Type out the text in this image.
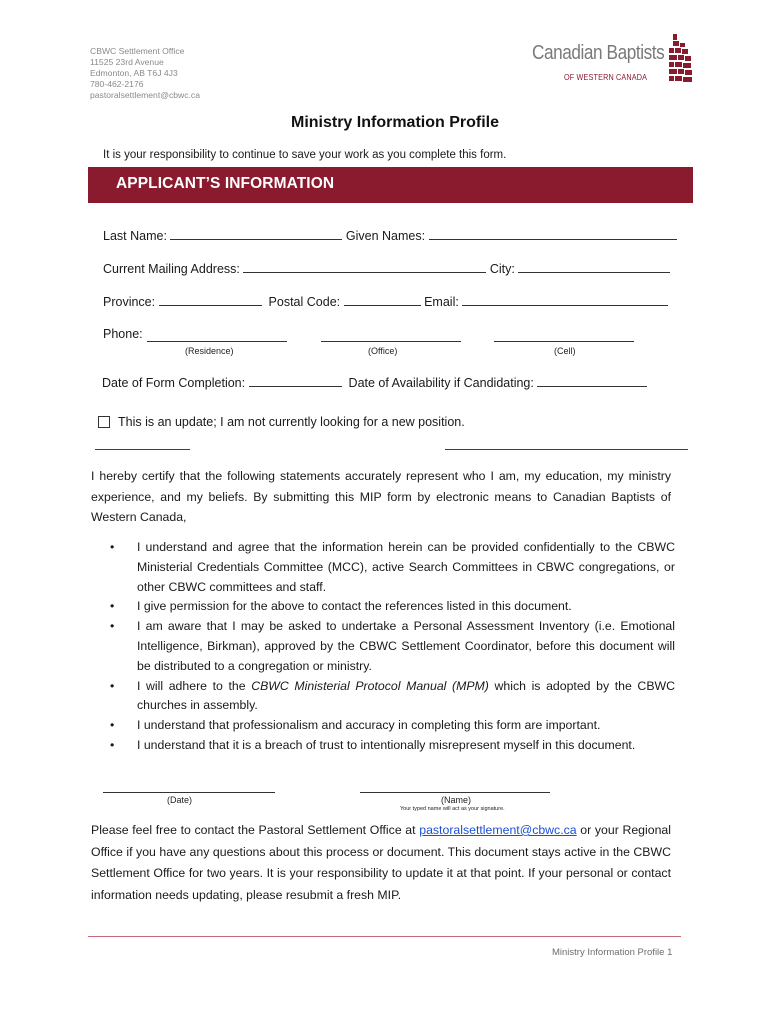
CBWC Settlement Office
11525 23rd Avenue
Edmonton, AB T6J 4J3
780-462-2176
pastoralsettlement@cbwc.ca
Canadian Baptists
OF WESTERN CANADA
Ministry Information Profile
It is your responsibility to continue to save your work as you complete this form.
APPLICANT’S INFORMATION
Last Name:	Given Names:
Current Mailing Address:	City:
Province:	Postal Code:	Email:
Phone:
(Residence)	(Office)	(Cell)
Date of Form Completion:	Date of Availability if Candidating:
This is an update; I am not currently looking for a new position.
I hereby certify that the following statements accurately represent who I am, my education, my ministry experience, and my beliefs. By submitting this MIP form by electronic means to Canadian Baptists of Western Canada,
• I understand and agree that the information herein can be provided confidentially to the CBWC Ministerial Credentials Committee (MCC), active Search Committees in CBWC congregations, or other CBWC committees and staff.
• I give permission for the above to contact the references listed in this document.
• I am aware that I may be asked to undertake a Personal Assessment Inventory (i.e. Emotional Intelligence, Birkman), approved by the CBWC Settlement Coordinator, before this document will be distributed to a congregation or ministry.
• I will adhere to the CBWC Ministerial Protocol Manual (MPM) which is adopted by the CBWC churches in assembly.
• I understand that professionalism and accuracy in completing this form are important.
• I understand that it is a breach of trust to intentionally misrepresent myself in this document.
(Date)	(Name)
Your typed name will act as your signature.
Please feel free to contact the Pastoral Settlement Office at pastoralsettlement@cbwc.ca or your Regional Office if you have any questions about this process or document. This document stays active in the CBWC Settlement Office for two years. It is your responsibility to update it at that point. If your personal or contact information needs updating, please resubmit a fresh MIP.
Ministry Information Profile 1
